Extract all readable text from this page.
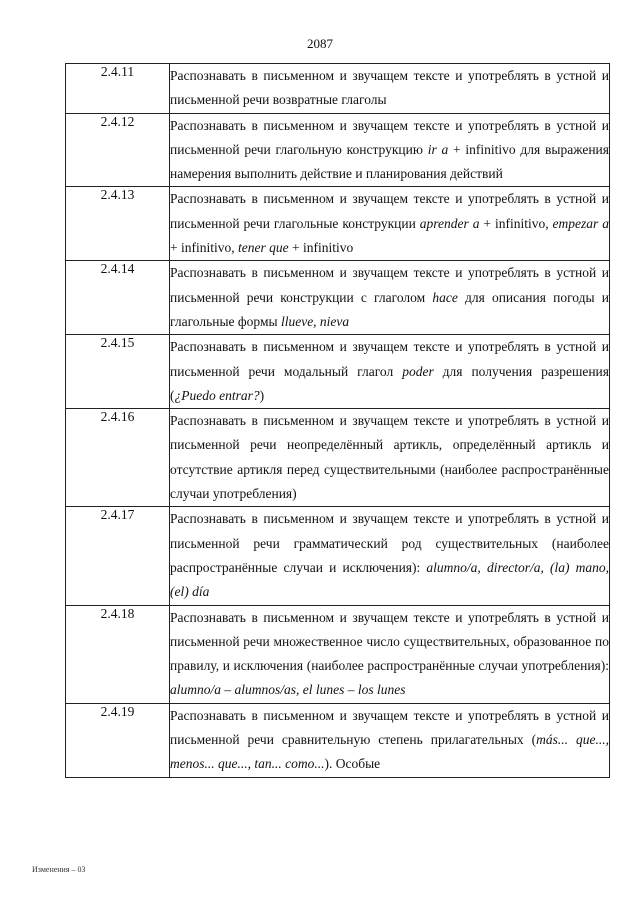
2087
2.4.11	Распознавать в письменном и звучащем тексте и употреблять в устной и письменной речи возвратные глаголы
2.4.12	Распознавать в письменном и звучащем тексте и употреблять в устной и письменной речи глагольную конструкцию ir a + infinitivo для выражения намерения выполнить действие и планирования действий
2.4.13	Распознавать в письменном и звучащем тексте и употреблять в устной и письменной речи глагольные конструкции aprender a + infinitivo, empezar a + infinitivo, tener que + infinitivo
2.4.14	Распознавать в письменном и звучащем тексте и употреблять в устной и письменной речи конструкции с глаголом hace для описания погоды и глагольные формы llueve, nieva
2.4.15	Распознавать в письменном и звучащем тексте и употреблять в устной и письменной речи модальный глагол poder для получения разрешения (¿Puedo entrar?)
2.4.16	Распознавать в письменном и звучащем тексте и употреблять в устной и письменной речи неопределённый артикль, определённый артикль и отсутствие артикля перед существительными (наиболее распространённые случаи употребления)
2.4.17	Распознавать в письменном и звучащем тексте и употреблять в устной и письменной речи грамматический род существительных (наиболее распространённые случаи и исключения): alumno/a, director/a, (la) mano, (el) día
2.4.18	Распознавать в письменном и звучащем тексте и употреблять в устной и письменной речи множественное число существительных, образованное по правилу, и исключения (наиболее распространённые случаи употребления): alumno/a – alumnos/as, el lunes – los lunes
2.4.19	Распознавать в письменном и звучащем тексте и употреблять в устной и письменной речи сравнительную степень прилагательных (más... que..., menos... que..., tan... como...). Особые
Изменения – 03
